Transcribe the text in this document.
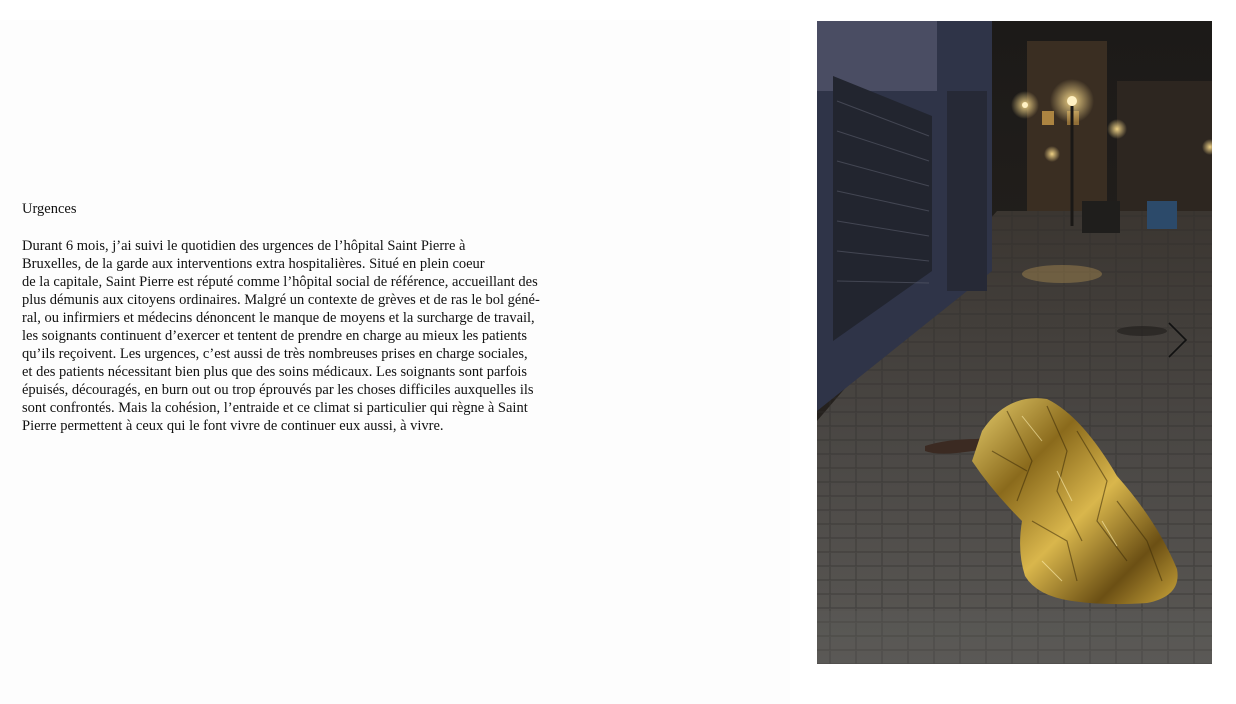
Urgences
Durant 6 mois, j’ai suivi le quotidien des urgences de l’hôpital Saint Pierre à
Bruxelles, de la garde aux interventions extra hospitalières. Situé en plein coeur
de la capitale, Saint Pierre est réputé comme l’hôpital social de référence, accueillant des
plus démunis aux citoyens ordinaires. Malgré un contexte de grèves et de ras le bol géné-
ral, ou infirmiers et médecins dénoncent le manque de moyens et la surcharge de travail,
les soignants continuent d’exercer et tentent de prendre en charge au mieux les patients
qu’ils reçoivent. Les urgences, c’est aussi de très nombreuses prises en charge sociales,
et des patients nécessitant bien plus que des soins médicaux. Les soignants sont parfois
épuisés, découragés, en burn out ou trop éprouvés par les choses difficiles auxquelles ils
sont confrontés. Mais la cohésion, l’entraide et ce climat si particulier qui règne à Saint
Pierre permettent à ceux qui le font vivre de continuer eux aussi, à vivre.
